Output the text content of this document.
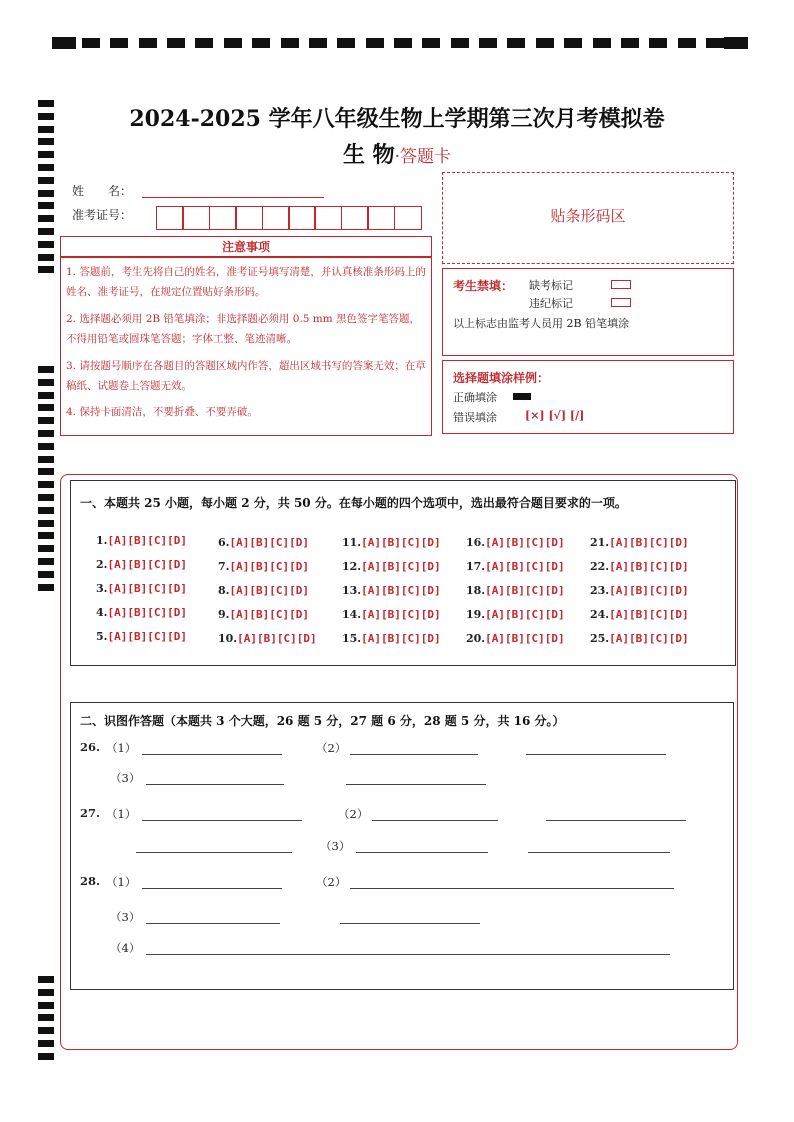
2024-2025 学年八年级生物上学期第三次月考模拟卷
生 物·答题卡
姓　　名：
准考证号：	贴条形码区
注意事项
1. 答题前，考生先将自己的姓名，准考证号填写清楚，并认真核准条形码上的姓名、准考证号，在规定位置贴好条形码。
2. 选择题必须用 2B 铅笔填涂；非选择题必须用 0.5 mm 黑色签字笔答题，不得用铅笔或圆珠笔答题；字体工整、笔迹清晰。
3. 请按题号顺序在各题目的答题区域内作答，超出区域书写的答案无效；在草稿纸、试题卷上答题无效。
4. 保持卡面清洁，不要折叠、不要弄破。
考生禁填： 缺考标记
违纪标记
以上标志由监考人员用 2B 铅笔填涂
选择题填涂样例：
正确填涂
错误填涂	[×] [√] [/]
一、本题共 25 小题，每小题 2 分，共 50 分。在每小题的四个选项中，选出最符合题目要求的一项。
1.[A][B][C][D]
2.[A][B][C][D]
3.[A][B][C][D]
4.[A][B][C][D]
5.[A][B][C][D]
6.[A][B][C][D]
7.[A][B][C][D]
8.[A][B][C][D]
9.[A][B][C][D]
10.[A][B][C][D]
11.[A][B][C][D]
12.[A][B][C][D]
13.[A][B][C][D]
14.[A][B][C][D]
15.[A][B][C][D]
16.[A][B][C][D]
17.[A][B][C][D]
18.[A][B][C][D]
19.[A][B][C][D]
20.[A][B][C][D]
21.[A][B][C][D]
22.[A][B][C][D]
23.[A][B][C][D]
24.[A][B][C][D]
25.[A][B][C][D]
二、识图作答题（本题共 3 个大题，26 题 5 分，27 题 6 分，28 题 5 分，共 16 分。）
26. （1）	（2）
（3）
27. （1）	（2）
（3）
28. （1）	（2）
（3）
（4）
